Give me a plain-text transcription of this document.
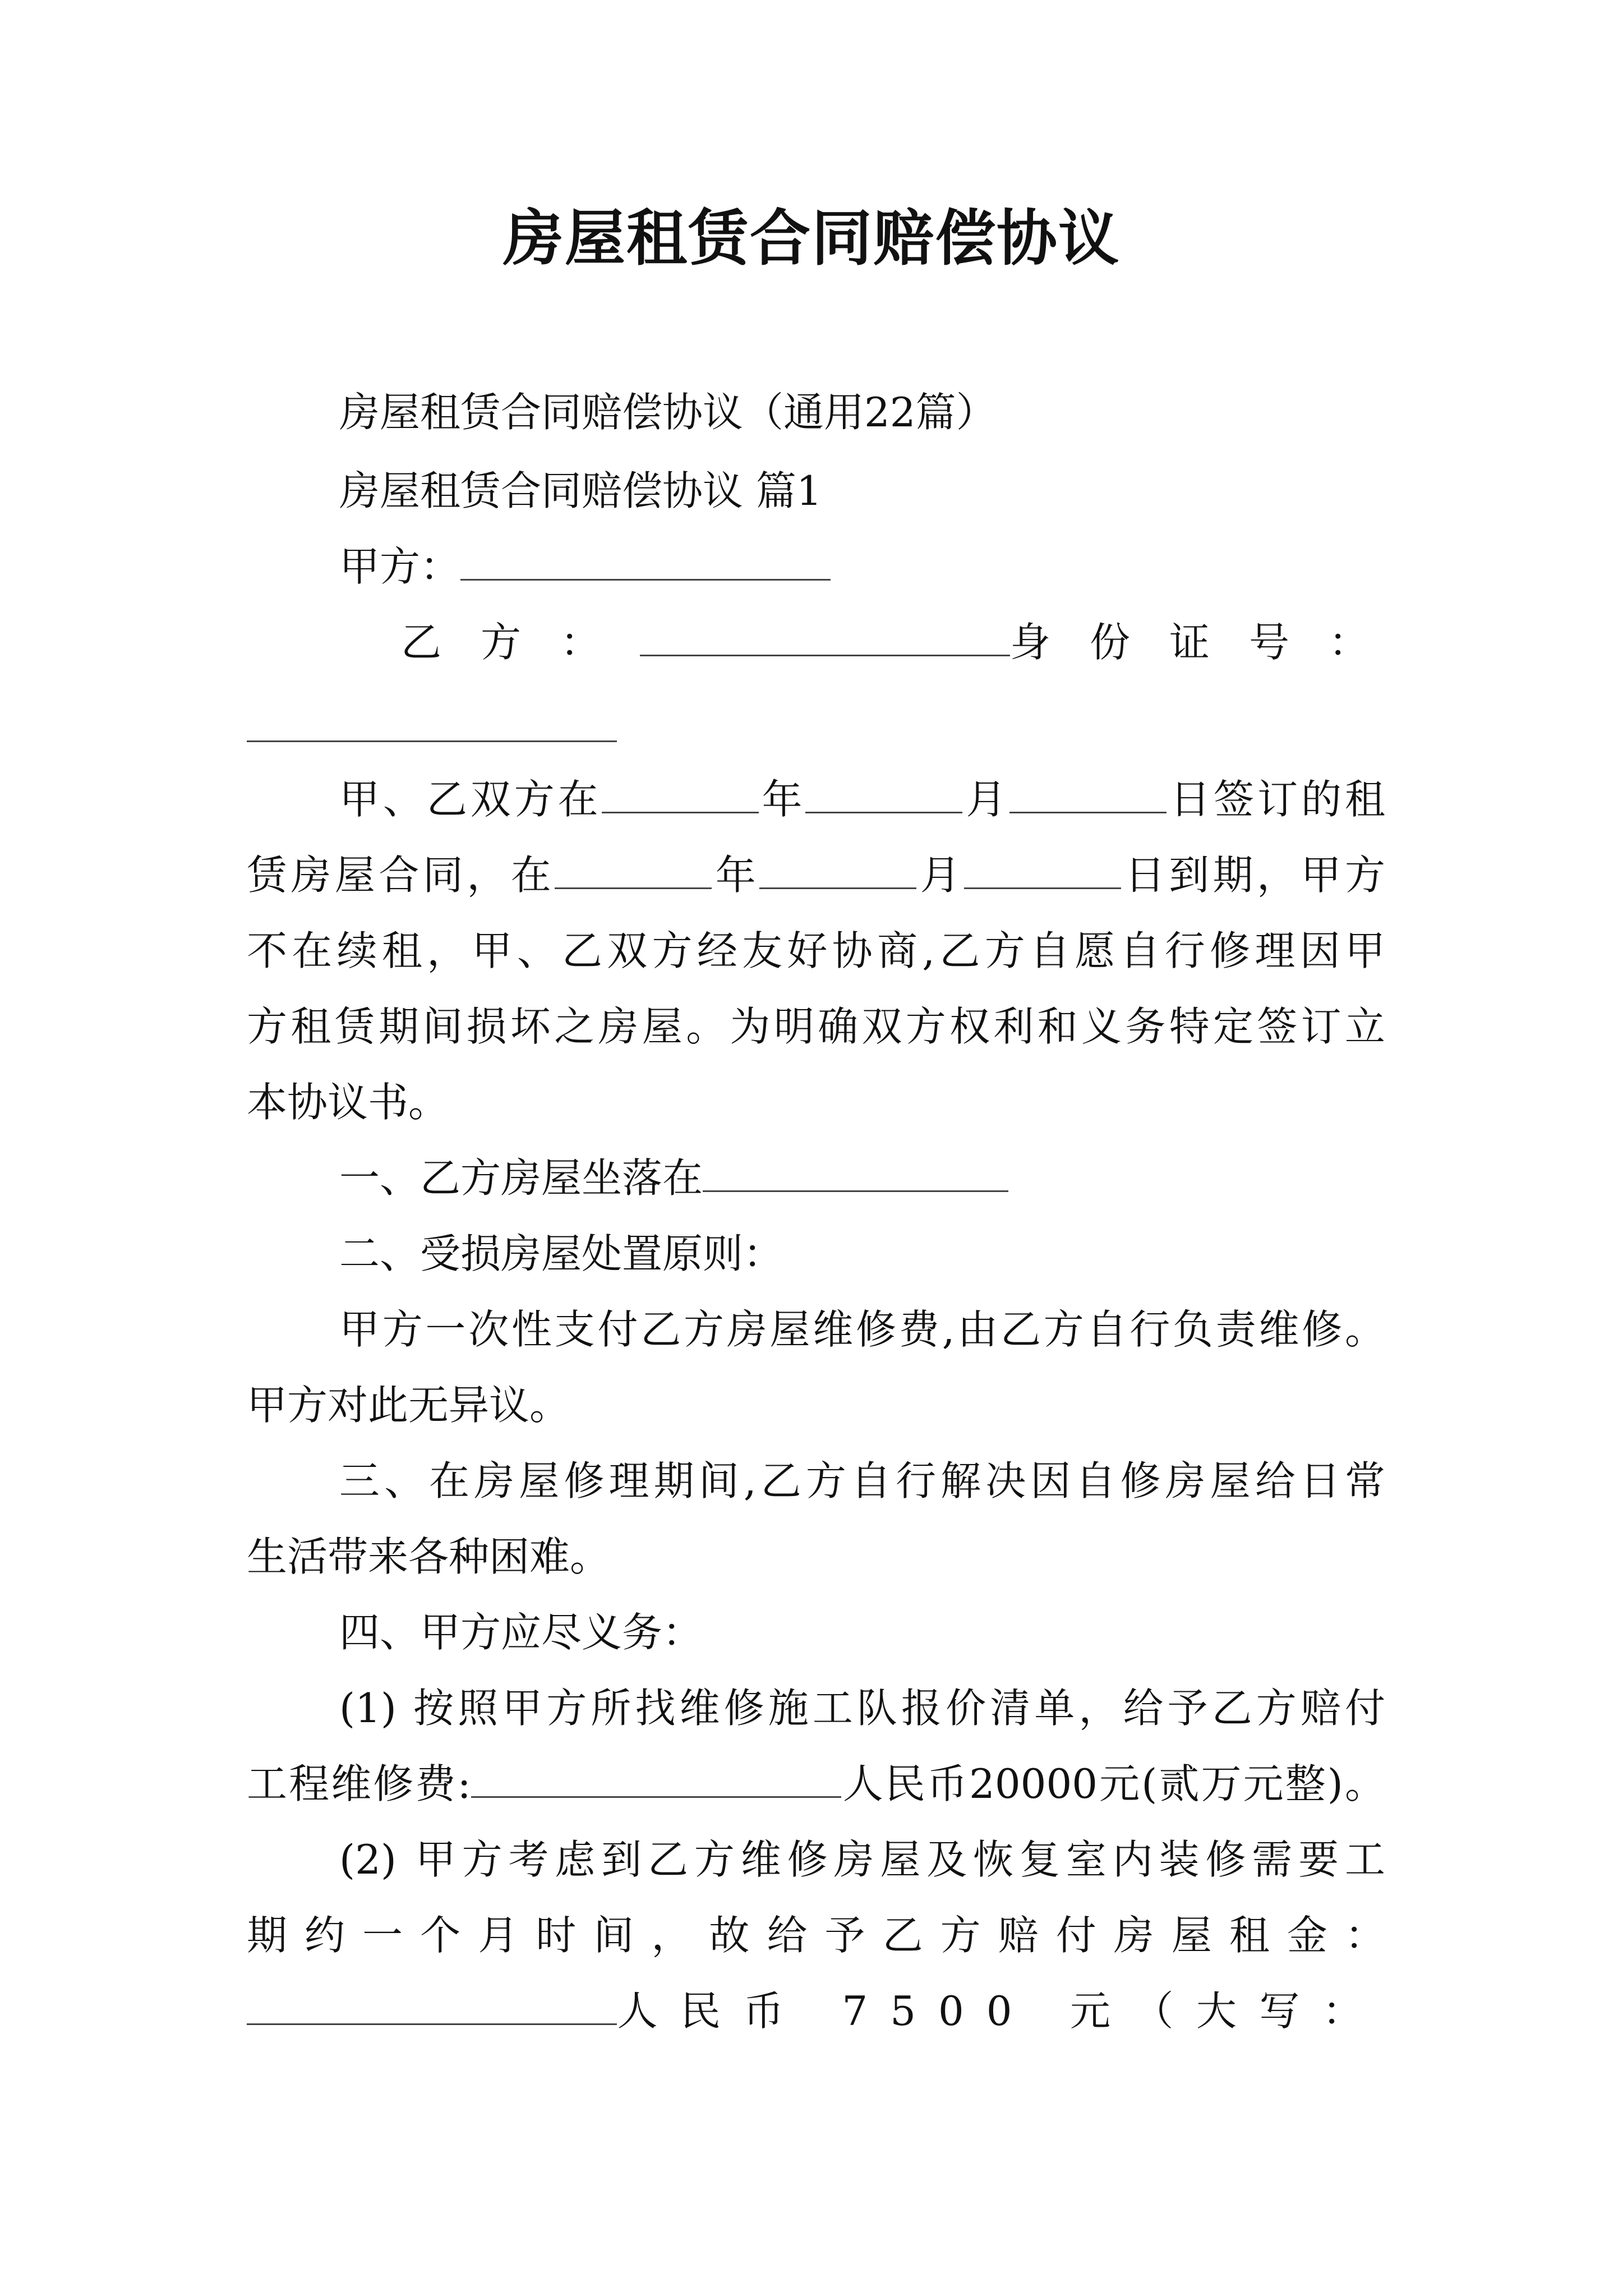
房屋租赁合同赔偿协议
房屋租赁合同赔偿协议（通用22篇）
房屋租赁合同赔偿协议 篇1
甲方：
乙方：	身份证号：
甲、乙双方在	年	月	日签订的租
赁房屋合同，在	年	月	日到期，甲方
不在续租，甲、乙双方经友好协商,乙方自愿自行修理因甲
方租赁期间损坏之房屋。为明确双方权利和义务特定签订立
本协议书。
一、乙方房屋坐落在
二、受损房屋处置原则：
甲方一次性支付乙方房屋维修费,由乙方自行负责维修。
甲方对此无异议。
三、在房屋修理期间,乙方自行解决因自修房屋给日常
生活带来各种困难。
四、甲方应尽义务：
(1) 按照甲方所找维修施工队报价清单，给予乙方赔付
工程维修费:	人民币20000元(贰万元整)。
(2) 甲方考虑到乙方维修房屋及恢复室内装修需要工
期约一个月时间，故给予乙方赔付房屋租金：
人民币 7500 元（大写：
